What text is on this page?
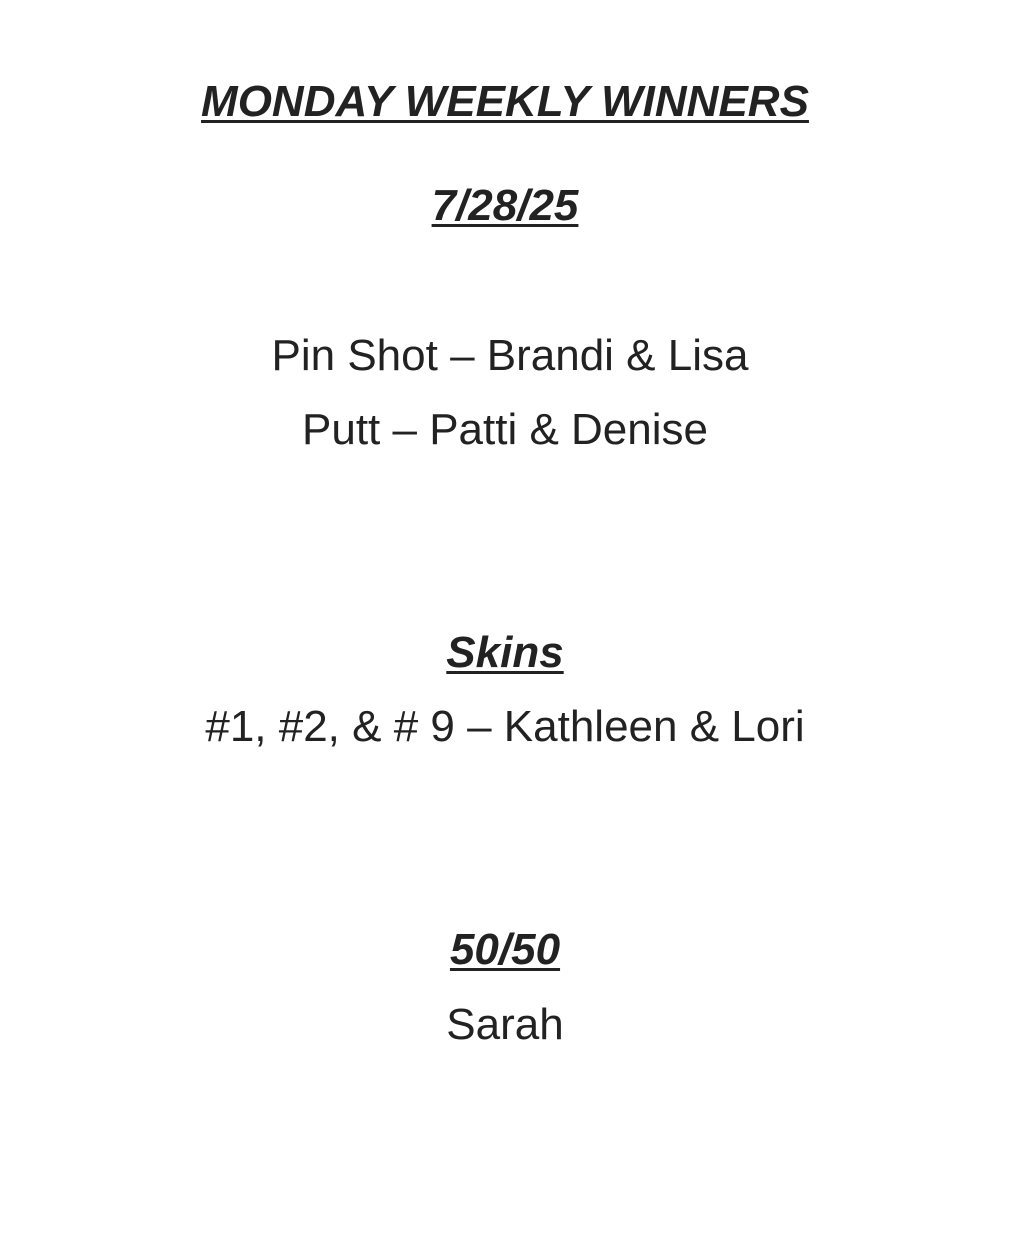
MONDAY WEEKLY WINNERS
7/28/25
Pin Shot – Brandi & Lisa
Putt – Patti & Denise
Skins
#1, #2, & # 9 – Kathleen & Lori
50/50
Sarah
